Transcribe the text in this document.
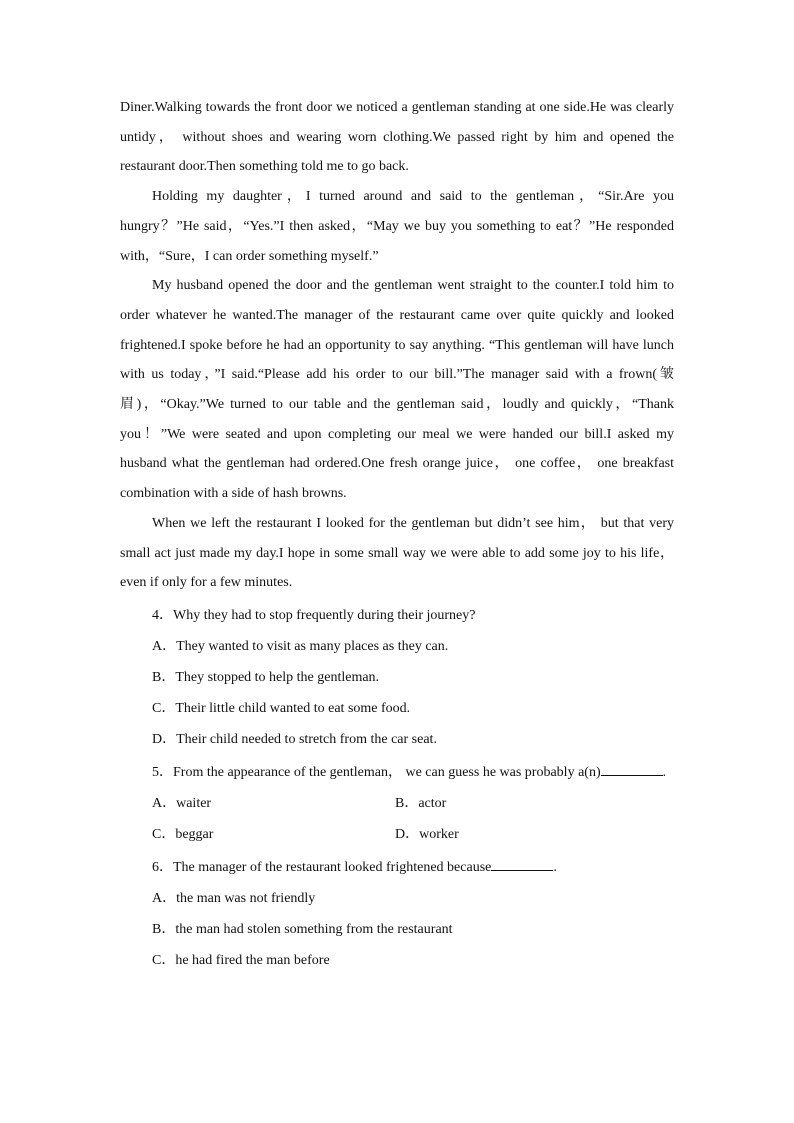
Diner.Walking towards the front door we noticed a gentleman standing at one side.He was clearly untidy， without shoes and wearing worn clothing.We passed right by him and opened the restaurant door.Then something told me to go back.

Holding my daughter，I turned around and said to the gentleman，“Sir.Are you hungry？”He said，“Yes.”I then asked，“May we buy you something to eat？”He responded with，“Sure，I can order something myself.”

My husband opened the door and the gentleman went straight to the counter.I told him to order whatever he wanted.The manager of the restaurant came over quite quickly and looked frightened.I spoke before he had an opportunity to say anything. “This gentleman will have lunch with us today，”I said.“Please add his order to our bill.”The manager said with a frown(皱眉)，“Okay.”We turned to our table and the gentleman said，loudly and quickly，“Thank you！”We were seated and upon completing our meal we were handed our bill.I asked my husband what the gentleman had ordered.One fresh orange juice， one coffee， one breakfast combination with a side of hash browns.

When we left the restaurant I looked for the gentleman but didn’t see him， but that very small act just made my day.I hope in some small way we were able to add some joy to his life， even if only for a few minutes.

4．Why they had to stop frequently during their journey?
A．They wanted to visit as many places as they can.
B．They stopped to help the gentleman.
C．Their little child wanted to eat some food.
D．Their child needed to stretch from the car seat.
5．From the appearance of the gentleman， we can guess he was probably a(n)	.
A．waiter	B．actor
C．beggar	D．worker
6．The manager of the restaurant looked frightened because	.
A．the man was not friendly
B．the man had stolen something from the restaurant
C．he had fired the man before
